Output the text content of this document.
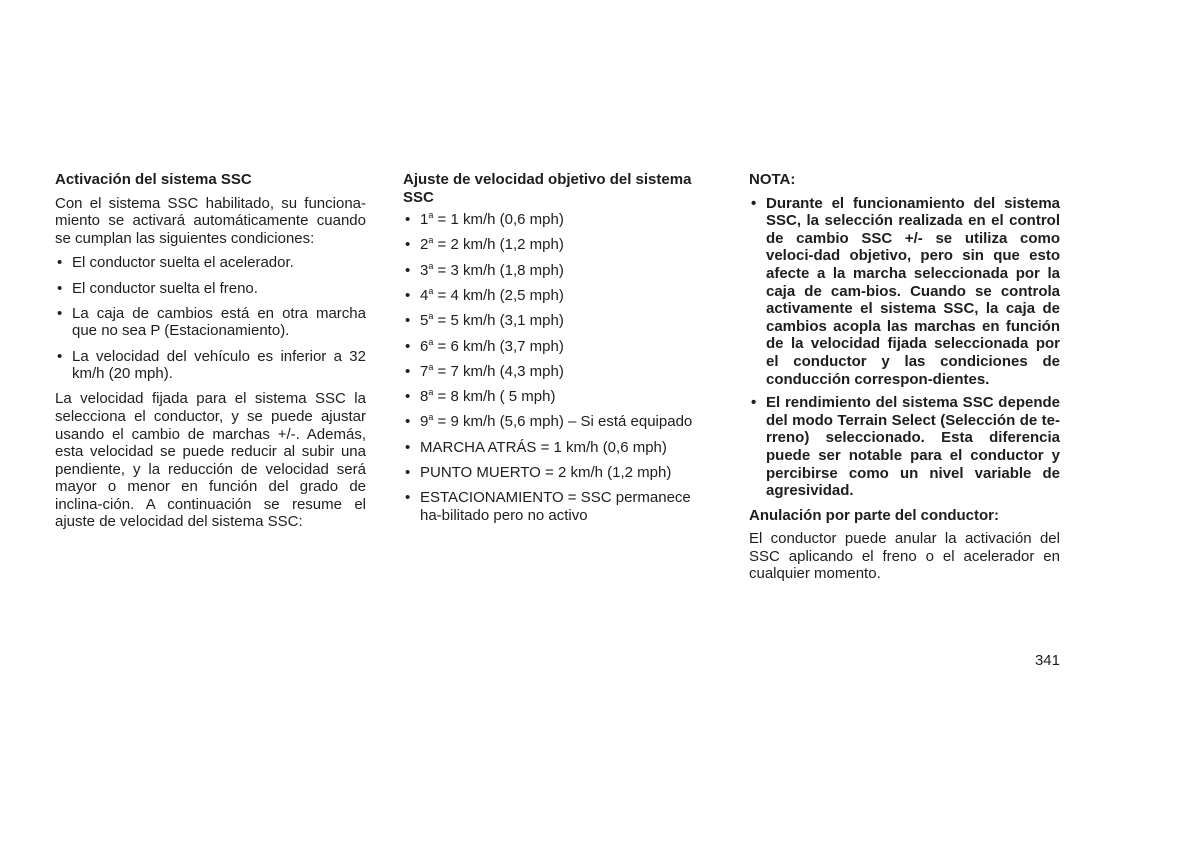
Activación del sistema SSC
Con el sistema SSC habilitado, su funciona-miento se activará automáticamente cuando se cumplan las siguientes condiciones:
• El conductor suelta el acelerador.
• El conductor suelta el freno.
• La caja de cambios está en otra marcha que no sea P (Estacionamiento).
• La velocidad del vehículo es inferior a 32 km/h (20 mph).
La velocidad fijada para el sistema SSC la selecciona el conductor, y se puede ajustar usando el cambio de marchas +/-. Además, esta velocidad se puede reducir al subir una pendiente, y la reducción de velocidad será mayor o menor en función del grado de inclina-ción. A continuación se resume el ajuste de velocidad del sistema SSC:
Ajuste de velocidad objetivo del sistema SSC
• $1^a = 1$ km/h (0,6 mph)
• $2^a = 2$ km/h (1,2 mph)
• $3^a = 3$ km/h (1,8 mph)
• $4^a = 4$ km/h (2,5 mph)
• $5^a = 5$ km/h (3,1 mph)
• $6^a = 6$ km/h (3,7 mph)
• $7^a = 7$ km/h (4,3 mph)
• $8^a = 8$ km/h ( 5 mph)
• $9^a = 9$ km/h (5,6 mph) – Si está equipado
• MARCHA ATRÁS = 1 km/h (0,6 mph)
• PUNTO MUERTO = 2 km/h (1,2 mph)
• ESTACIONAMIENTO = SSC permanece ha-bilitado pero no activo
NOTA:
• Durante el funcionamiento del sistema SSC, la selección realizada en el control de cambio SSC +/- se utiliza como veloci-dad objetivo, pero sin que esto afecte a la marcha seleccionada por la caja de cam-bios. Cuando se controla activamente el sistema SSC, la caja de cambios acopla las marchas en función de la velocidad fijada seleccionada por el conductor y las condiciones de conducción correspon-dientes.
• El rendimiento del sistema SSC depende del modo Terrain Select (Selección de te-rreno) seleccionado. Esta diferencia puede ser notable para el conductor y percibirse como un nivel variable de agresividad.
Anulación por parte del conductor:
El conductor puede anular la activación del SSC aplicando el freno o el acelerador en cualquier momento.
341
